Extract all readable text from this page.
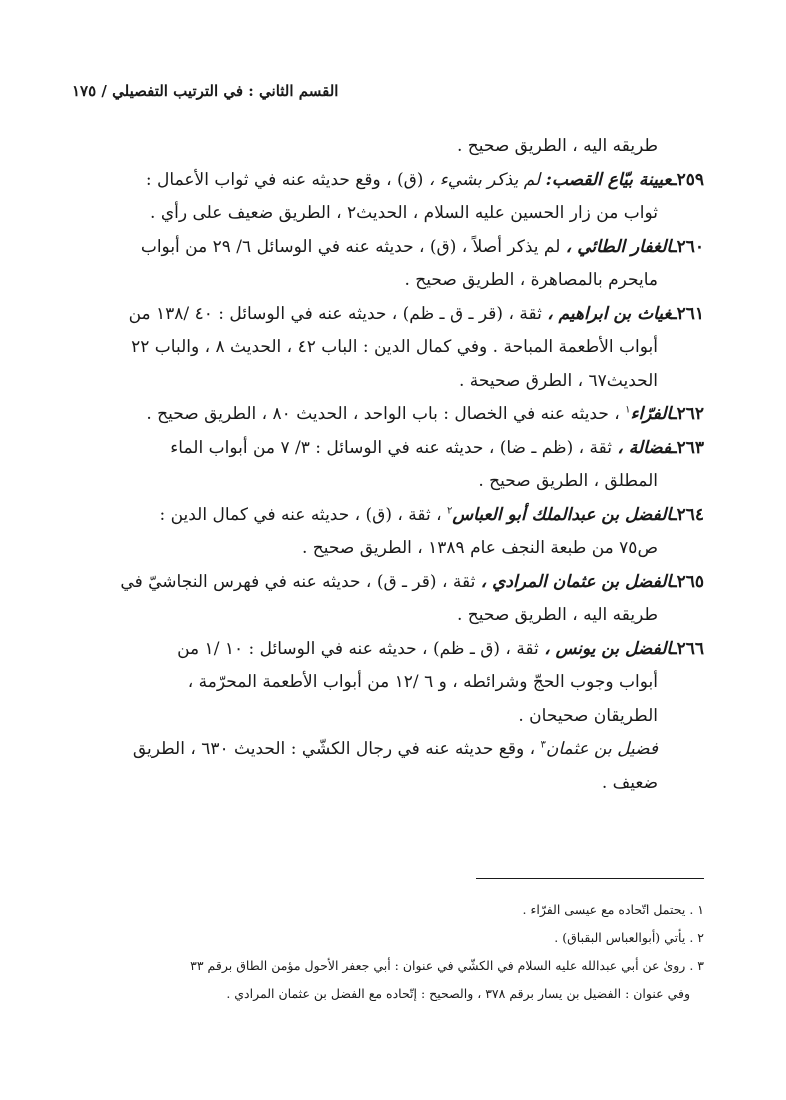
القسم الثاني : في الترتيب التفصيلي / ١٧٥

طريقه اليه ، الطريق صحيح .

٢٥٩ـعيينة بيّاع القصب: لم يذكر بشيء ، (ق) ، وقع حديثه عنه في ثواب الأعمال :
ثواب من زار الحسين عليه السلام ، الحديث٢ ، الطريق ضعيف على رأي .

٢٦٠ـالغفار الطائي ، لم يذكر أصلاً ، (ق) ، حديثه عنه في الوسائل ٦/ ٢٩ من أبواب
مايحرم بالمصاهرة ، الطريق صحيح .

٢٦١ـغياث بن ابراهيم ، ثقة ، (قر ـ ق ـ ظم) ، حديثه عنه في الوسائل : ٤٠ /١٣٨ من
أبواب الأطعمة المباحة . وفي كمال الدين : الباب ٤٢ ، الحديث ٨ ، والباب ٢٢
الحديث٦٧ ، الطرق صحيحة .

٢٦٢ـالفرّاء$^١$ ، حديثه عنه في الخصال : باب الواحد ، الحديث ٨٠ ، الطريق صحيح .

٢٦٣ـفضالة ، ثقة ، (ظم ـ ضا) ، حديثه عنه في الوسائل : ٣/ ٧ من أبواب الماء
المطلق ، الطريق صحيح .

٢٦٤ـالفضل بن عبدالملك أبو العباس$^٢$ ، ثقة ، (ق) ، حديثه عنه في كمال الدين :
ص٧٥ من طبعة النجف عام ١٣٨٩ ، الطريق صحيح .

٢٦٥ـالفضل بن عثمان المرادي ، ثقة ، (قر ـ ق) ، حديثه عنه في فهرس النجاشيّ في
طريقه اليه ، الطريق صحيح .

٢٦٦ـالفضل بن يونس ، ثقة ، (ق ـ ظم) ، حديثه عنه في الوسائل : ١٠ /١ من
أبواب وجوب الحجّ وشرائطه ، و ٦ /١٢ من أبواب الأطعمة المحرّمة ،
الطريقان صحيحان .

فضيل بن عثمان$^٣$ ، وقع حديثه عنه في رجال الكشّي : الحديث ٦٣٠ ، الطريق
ضعيف .

١ . يحتمل اتّحاده مع عيسى الفرّاء .
٢ . يأتي (أبوالعباس البقباق) .
٣ . روىٰ عن أبي عبدالله عليه السلام في الكشّي في عنوان : أبي جعفر الأحول مؤمن الطاق برقم ٣٣
وفي عنوان : الفضيل بن يسار برقم ٣٧٨ ، والصحيح : إتّحاده مع الفضل بن عثمان المرادي .
